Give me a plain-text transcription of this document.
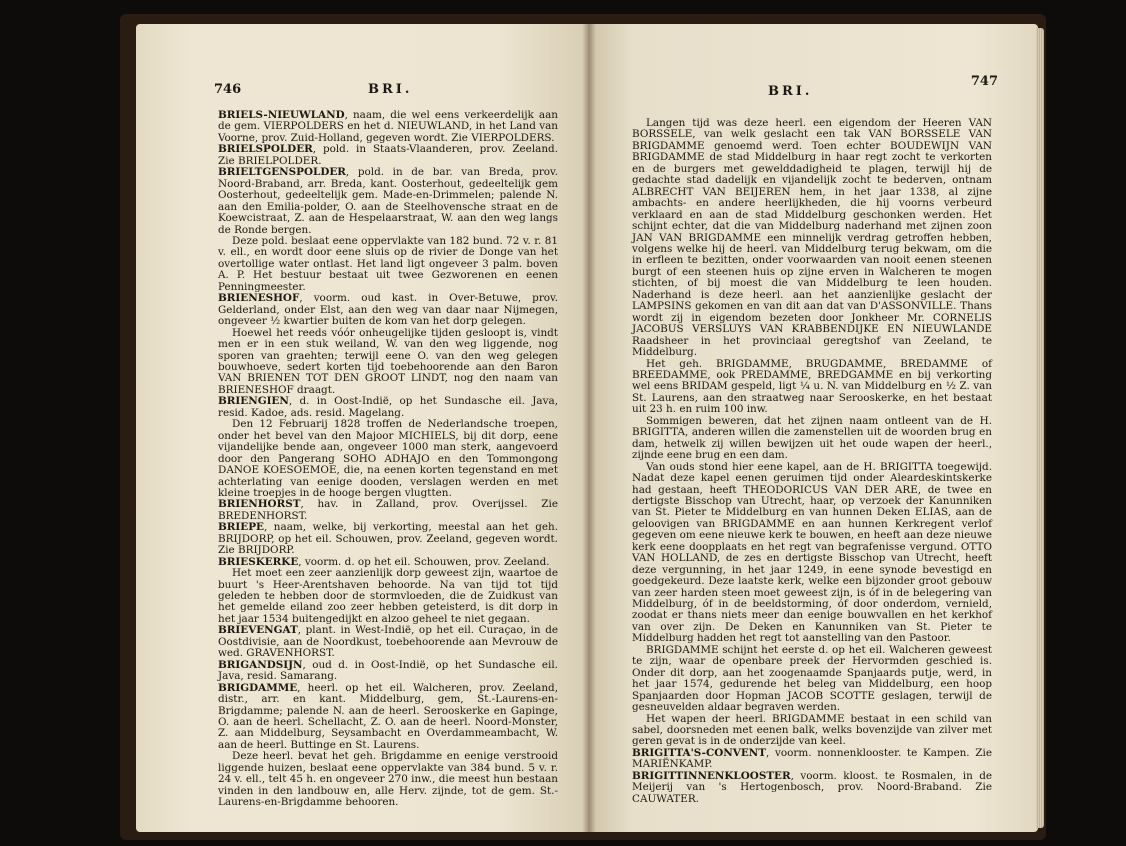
746	BRI.

BRIELS-NIEUWLAND, naam, die wel eens verkeerdelijk aan de gem. VIERPOLDERS en het d. NIEUWLAND, in het Land van Voorne, prov. Zuid-Holland, gegeven wordt. Zie VIERPOLDERS.

BRIELSPOLDER, pold. in Staats-Vlaanderen, prov. Zeeland. Zie BRIELPOLDER.

BRIELTGENSPOLDER, pold. in de bar. van Breda, prov. Noord-Braband, arr. Breda, kant. Oosterhout, gedeeltelijk gem Oosterhout, gedeeltelijk gem. Made-en-Drimmelen; palende N. aan den Emilia-polder, O. aan de Steelhovensche straat en de Koewcistraat, Z. aan de Hespelaarstraat, W. aan den weg langs de Ronde bergen.

Deze pold. beslaat eene oppervlakte van 182 bund. 72 v. r. 81 v. ell., en wordt door eene sluis op de rivier de Donge van het overtollige water ontlast. Het land ligt ongeveer 3 palm. boven A. P. Het bestuur bestaat uit twee Gezworenen en eenen Penningmeester.

BRIENESHOF, voorm. oud kast. in Over-Betuwe, prov. Gelderland, onder Elst, aan den weg van daar naar Nijmegen, ongeveer ½ kwartier buiten de kom van het dorp gelegen.

Hoewel het reeds vóór onheugelijke tijden gesloopt is, vindt men er in een stuk weiland, W. van den weg liggende, nog sporen van graehten; terwijl eene O. van den weg gelegen bouwhoeve, sedert korten tijd toebehoorende aan den Baron VAN BRIENEN TOT DEN GROOT LINDT, nog den naam van BRIENESHOF draagt.

BRIENGIEN, d. in Oost-Indië, op het Sundasche eil. Java, resid. Kadoe, ads. resid. Magelang.

Den 12 Februarij 1828 troffen de Nederlandsche troepen, onder het bevel van den Majoor MICHIELS, bij dit dorp, eene vijandelijke bende aan, ongeveer 1000 man sterk, aangevoerd door den Pangerang SOHO ADHAJO en den Tommongong DANOE KOESOEMOE, die, na eenen korten tegenstand en met achterlating van eenige dooden, verslagen werden en met kleine troepjes in de hooge bergen vlugtten.

BRIENHORST, hav. in Zalland, prov. Overijssel. Zie BREDENHORST.

BRIEPE, naam, welke, bij verkorting, meestal aan het geh. BRIJDORP, op het eil. Schouwen, prov. Zeeland, gegeven wordt. Zie BRIJDORP.

BRIESKERKE, voorm. d. op het eil. Schouwen, prov. Zeeland.

Het moet een zeer aanzienlijk dorp geweest zijn, waartoe de buurt 's Heer-Arentshaven behoorde. Na van tijd tot tijd geleden te hebben door de stormvloeden, die de Zuidkust van het gemelde eiland zoo zeer hebben geteisterd, is dit dorp in het jaar 1534 buitengedijkt en alzoo geheel te niet gegaan.

BRIEVENGAT, plant. in West-Indië, op het eil. Curaçao, in de Oostdivisie, aan de Noordkust, toebehoorende aan Mevrouw de wed. GRAVENHORST.

BRIGANDSIJN, oud d. in Oost-Indië, op het Sundasche eil. Java, resid. Samarang.

BRIGDAMME, heerl. op het eil. Walcheren, prov. Zeeland, distr., arr. en kant. Middelburg, gem, St.-Laurens-en-Brigdamme; palende N. aan de heerl. Serooskerke en Gapinge, O. aan de heerl. Schellacht, Z. O. aan de heerl. Noord-Monster, Z. aan Middelburg, Seysambacht en Overdammeambacht, W. aan de heerl. Buttinge en St. Laurens.

Deze heerl. bevat het geh. Brigdamme en eenige verstrooid liggende huizen, beslaat eene oppervlakte van 384 bund. 5 v. r. 24 v. ell., telt 45 h. en ongeveer 270 inw., die meest hun bestaan vinden in den landbouw en, alle Herv. zijnde, tot de gem. St.-Laurens-en-Brigdamme behooren.

BRI.
747

Langen tijd was deze heerl. een eigendom der Heeren VAN BORSSELE, van welk geslacht een tak VAN BORSSELE VAN BRIGDAMME genoemd werd. Toen echter BOUDEWIJN VAN BRIGDAMME de stad Middelburg in haar regt zocht te verkorten en de burgers met gewelddadigheid te plagen, terwijl hij de gedachte stad dadelijk en vijandelijk zocht te bederven, ontnam ALBRECHT VAN BEIJEREN hem, in het jaar 1338, al zijne ambachts- en andere heerlijkheden, die hij voorns verbeurd verklaard en aan de stad Middelburg geschonken werden. Het schijnt echter, dat die van Middelburg naderhand met zijnen zoon JAN VAN BRIGDAMME een minnelijk verdrag getroffen hebben, volgens welke hij de heerl. van Middelburg terug bekwam, om die in erfleen te bezitten, onder voorwaarden van nooit eenen steenen burgt of een steenen huis op zijne erven in Walcheren te mogen stichten, of bij moest die van Middelburg te leen houden. Naderhand is deze heerl. aan het aanzienlijke geslacht der LAMPSINS gekomen en van dit aan dat van D'ASSONVILLE. Thans wordt zij in eigendom bezeten door Jonkheer Mr. CORNELIS JACOBUS VERSLUYS VAN KRABBENDIJKE EN NIEUWLANDE Raadsheer in het provinciaal geregtshof van Zeeland, te Middelburg.

Het geh. BRIGDAMME, BRUGDAMME, BREDAMME of BREEDAMME, ook PREDAMME, BREDGAMME en bij verkorting wel eens BRIDAM gespeld, ligt ¼ u. N. van Middelburg en ½ Z. van St. Laurens, aan den straatweg naar Serooskerke, en het bestaat uit 23 h. en ruim 100 inw.

Sommigen beweren, dat het zijnen naam ontleent van de H. BRIGITTA, anderen willen die zamenstellen uit de woorden brug en dam, hetwelk zij willen bewijzen uit het oude wapen der heerl., zijnde eene brug en een dam.

Van ouds stond hier eene kapel, aan de H. BRIGITTA toegewijd. Nadat deze kapel eenen geruimen tijd onder Aleardeskintskerke had gestaan, heeft THEODORICUS VAN DER ARE, de twee en dertigste Bisschop van Utrecht, haar, op verzoek der Kanunniken van St. Pieter te Middelburg en van hunnen Deken ELIAS, aan de geloovigen van BRIGDAMME en aan hunnen Kerkregent verlof gegeven om eene nieuwe kerk te bouwen, en heeft aan deze nieuwe kerk eene doopplaats en het regt van begrafenisse vergund. OTTO VAN HOLLAND, de zes en dertigste Bisschop van Utrecht, heeft deze vergunning, in het jaar 1249, in eene synode bevestigd en goedgekeurd. Deze laatste kerk, welke een bijzonder groot gebouw van zeer harden steen moet geweest zijn, is óf in de belegering van Middelburg, óf in de beeldstorming, óf door onderdom, vernield, zoodat er thans niets meer dan eenige bouwvallen en het kerkhof van over zijn. De Deken en Kanunniken van St. Pieter te Middelburg hadden het regt tot aanstelling van den Pastoor.

BRIGDAMME schijnt het eerste d. op het eil. Walcheren geweest te zijn, waar de openbare preek der Hervormden geschied is. Onder dit dorp, aan het zoogenaamde Spanjaards putje, werd, in het jaar 1574, gedurende het beleg van Middelburg, een hoop Spanjaarden door Hopman JACOB SCOTTE geslagen, terwijl de gesneuvelden aldaar begraven werden.

Het wapen der heerl. BRIGDAMME bestaat in een schild van sabel, doorsneden met eenen balk, welks bovenzijde van zilver met geren gevat is in de onderzijde van keel.

BRIGITTA'S-CONVENT, voorm. nonnenklooster. te Kampen. Zie MARIËNKAMP.

BRIGITTINNENKLOOSTER, voorm. kloost. te Rosmalen, in de Meijerij van 's Hertogenbosch, prov. Noord-Braband. Zie CAUWATER.
